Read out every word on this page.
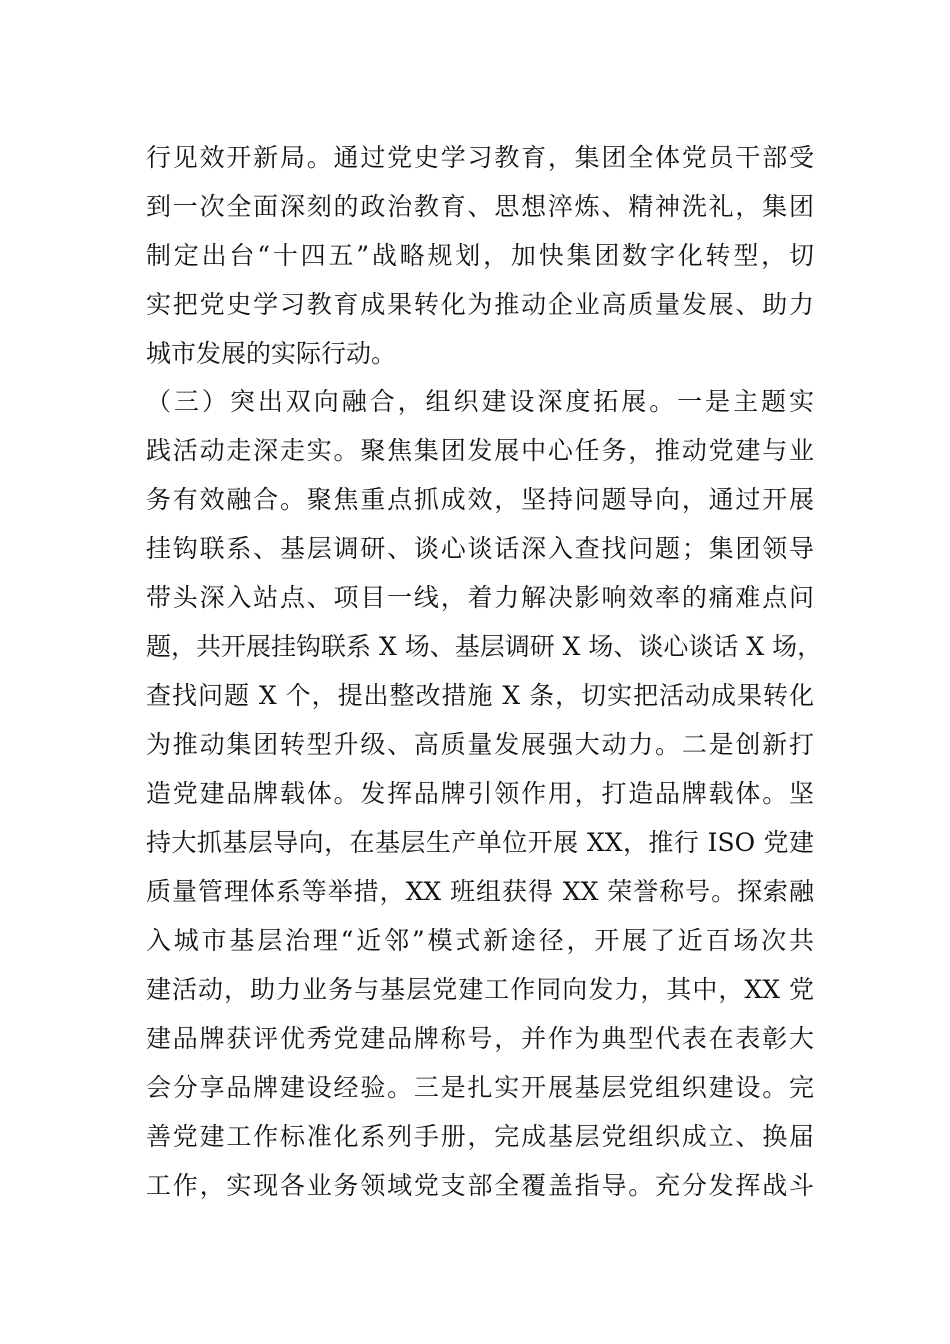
行见效开新局。通过党史学习教育，集团全体党员干部受
到一次全面深刻的政治教育、思想淬炼、精神洗礼，集团
制定出台“十四五”战略规划，加快集团数字化转型，切
实把党史学习教育成果转化为推动企业高质量发展、助力
城市发展的实际行动。
（三）突出双向融合，组织建设深度拓展。一是主题实
践活动走深走实。聚焦集团发展中心任务，推动党建与业
务有效融合。聚焦重点抓成效，坚持问题导向，通过开展
挂钩联系、基层调研、谈心谈话深入查找问题；集团领导
带头深入站点、项目一线，着力解决影响效率的痛难点问
题，共开展挂钩联系 X 场、基层调研 X 场、谈心谈话 X 场，
查找问题 X 个，提出整改措施 X 条，切实把活动成果转化
为推动集团转型升级、高质量发展强大动力。二是创新打
造党建品牌载体。发挥品牌引领作用，打造品牌载体。坚
持大抓基层导向，在基层生产单位开展 XX，推行 ISO 党建
质量管理体系等举措，XX 班组获得 XX 荣誉称号。探索融
入城市基层治理“近邻”模式新途径，开展了近百场次共
建活动，助力业务与基层党建工作同向发力，其中，XX 党
建品牌获评优秀党建品牌称号，并作为典型代表在表彰大
会分享品牌建设经验。三是扎实开展基层党组织建设。完
善党建工作标准化系列手册，完成基层党组织成立、换届
工作，实现各业务领域党支部全覆盖指导。充分发挥战斗
